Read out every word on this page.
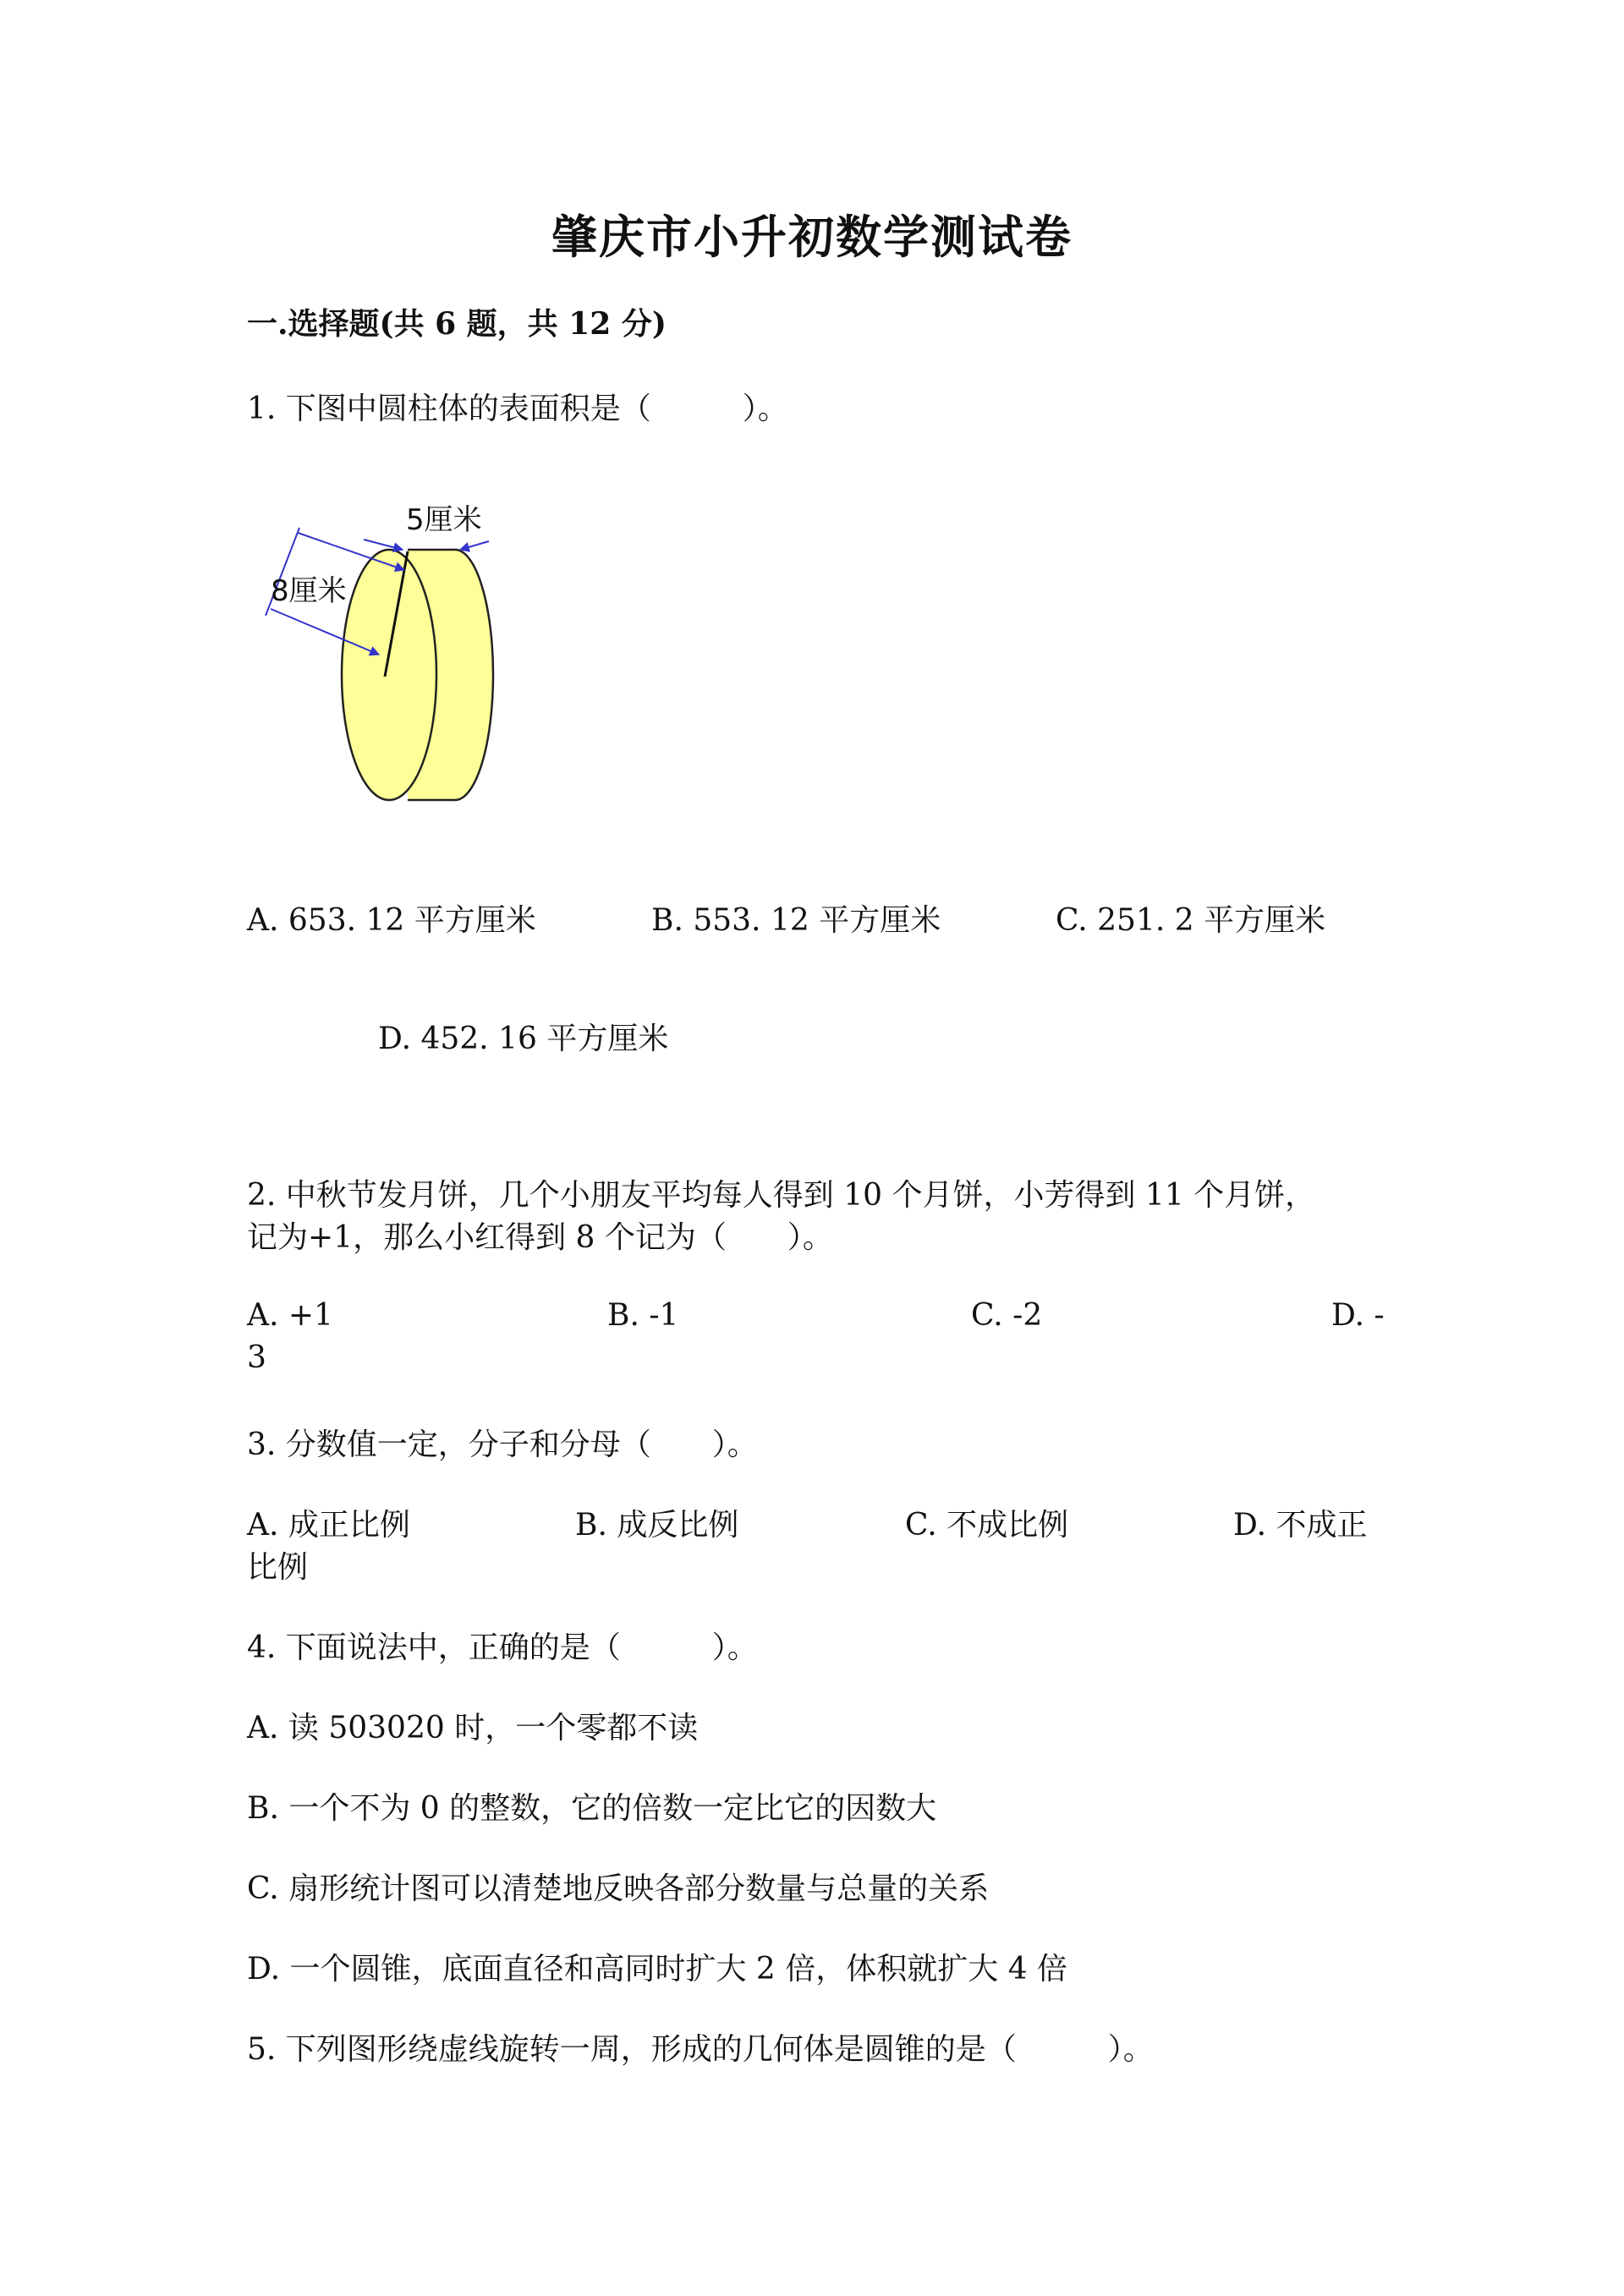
肇庆市小升初数学测试卷
一.选择题(共 6 题，共 12 分)
1. 下图中圆柱体的表面积是（　　　）。
5厘米
8厘米
A. 653. 12 平方厘米	B. 553. 12 平方厘米	C. 251. 2 平方厘米
D. 452. 16 平方厘米
2. 中秋节发月饼，几个小朋友平均每人得到 10 个月饼，小芳得到 11 个月饼，
记为+1，那么小红得到 8 个记为（　　）。
A. +1	B. -1	C. -2	D. -
3
3. 分数值一定，分子和分母（　　）。
A. 成正比例	B. 成反比例	C. 不成比例	D. 不成正
比例
4. 下面说法中，正确的是（　　　）。
A. 读 503020 时，一个零都不读
B. 一个不为 0 的整数，它的倍数一定比它的因数大
C. 扇形统计图可以清楚地反映各部分数量与总量的关系
D. 一个圆锥，底面直径和高同时扩大 2 倍，体积就扩大 4 倍
5. 下列图形绕虚线旋转一周，形成的几何体是圆锥的是（　　　）。
